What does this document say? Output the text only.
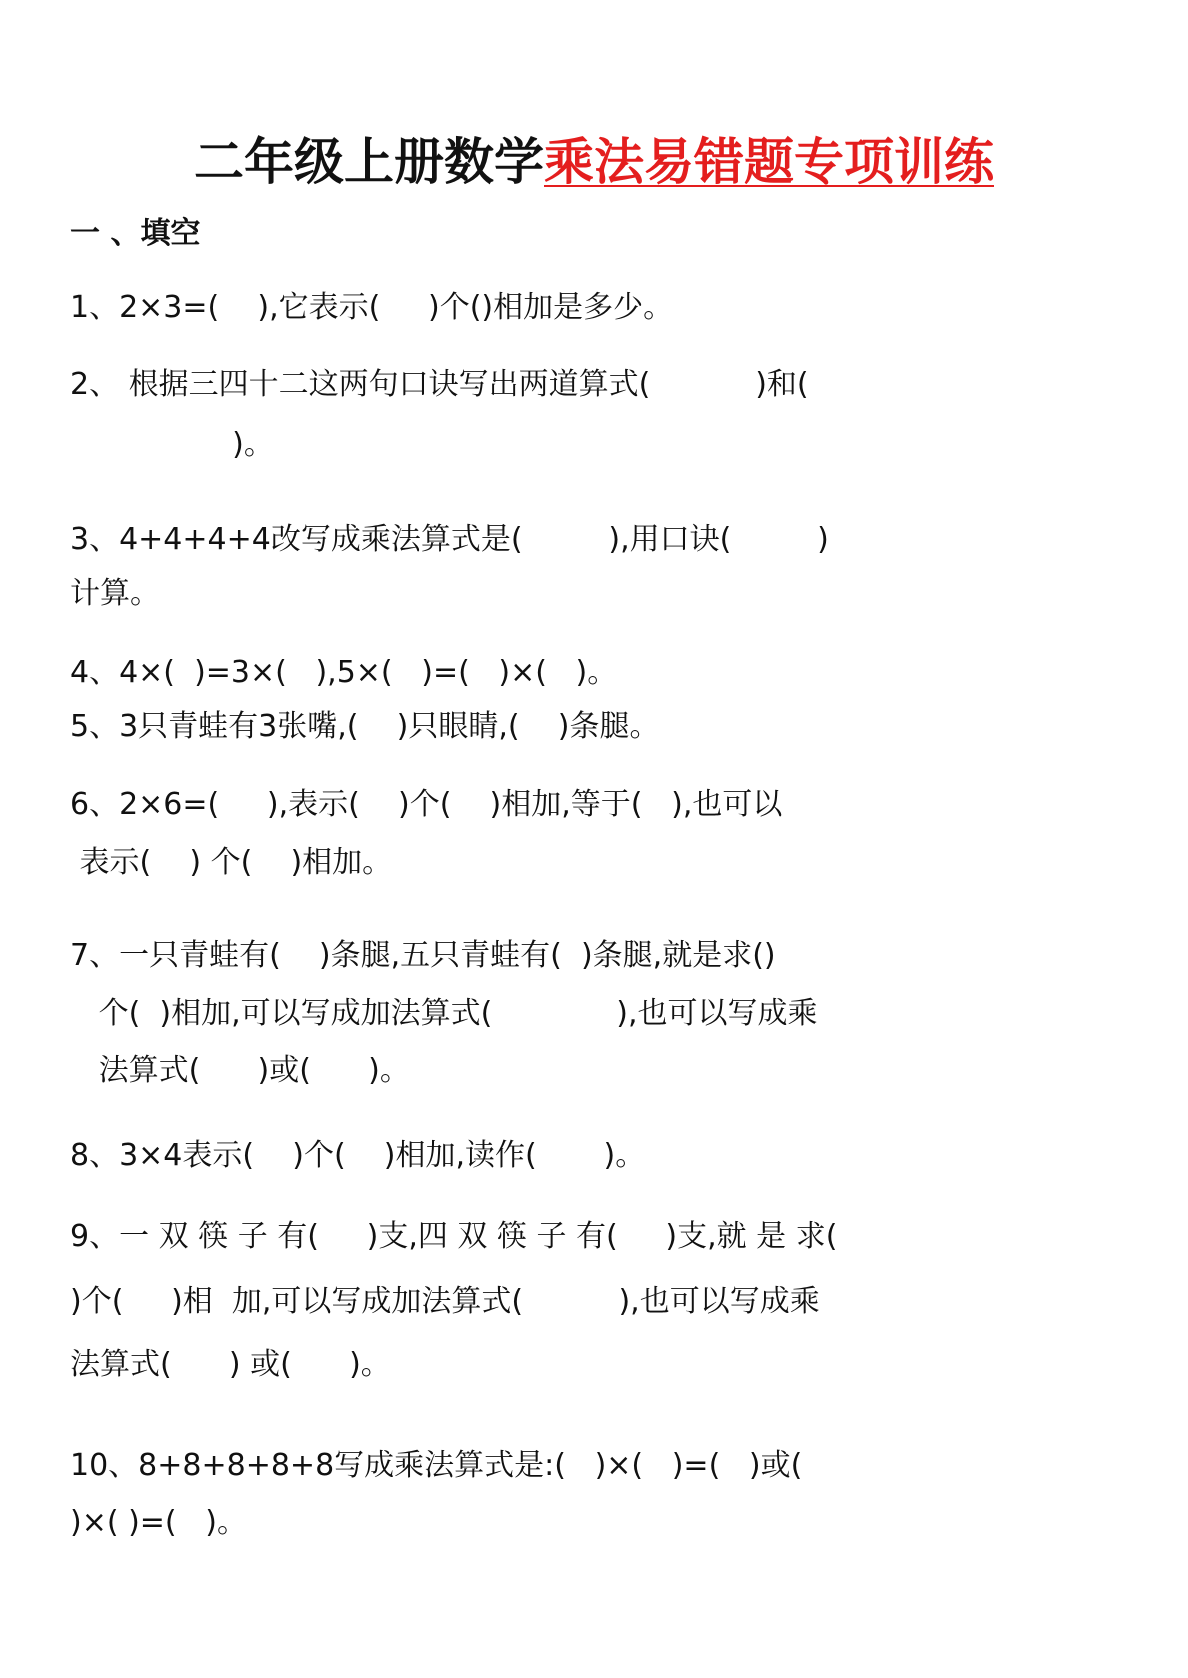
二年级上册数学乘法易错题专项训练
一 、填空
1、2×3=(    ),它表示(     )个()相加是多少。
2、 根据三四十二这两句口诀写出两道算式(           )和(
)。
3、4+4+4+4改写成乘法算式是(         ),用口诀(         )
计算。
4、4×(  )=3×(   ),5×(   )=(   )×(   )。
5、3只青蛙有3张嘴,(    )只眼睛,(    )条腿。
6、2×6=(     ),表示(    )个(    )相加,等于(   ),也可以
表示(    ) 个(    )相加。
7、一只青蛙有(    )条腿,五只青蛙有(  )条腿,就是求()
个(  )相加,可以写成加法算式(             ),也可以写成乘
法算式(      )或(      )。
8、3×4表示(    )个(    )相加,读作(       )。
9、一 双 筷 子 有(     )支,四 双 筷 子 有(     )支,就 是 求(
)个(     )相  加,可以写成加法算式(          ),也可以写成乘
法算式(      ) 或(      )。
10、8+8+8+8+8写成乘法算式是:(   )×(   )=(   )或(
)×( )=(   )。
